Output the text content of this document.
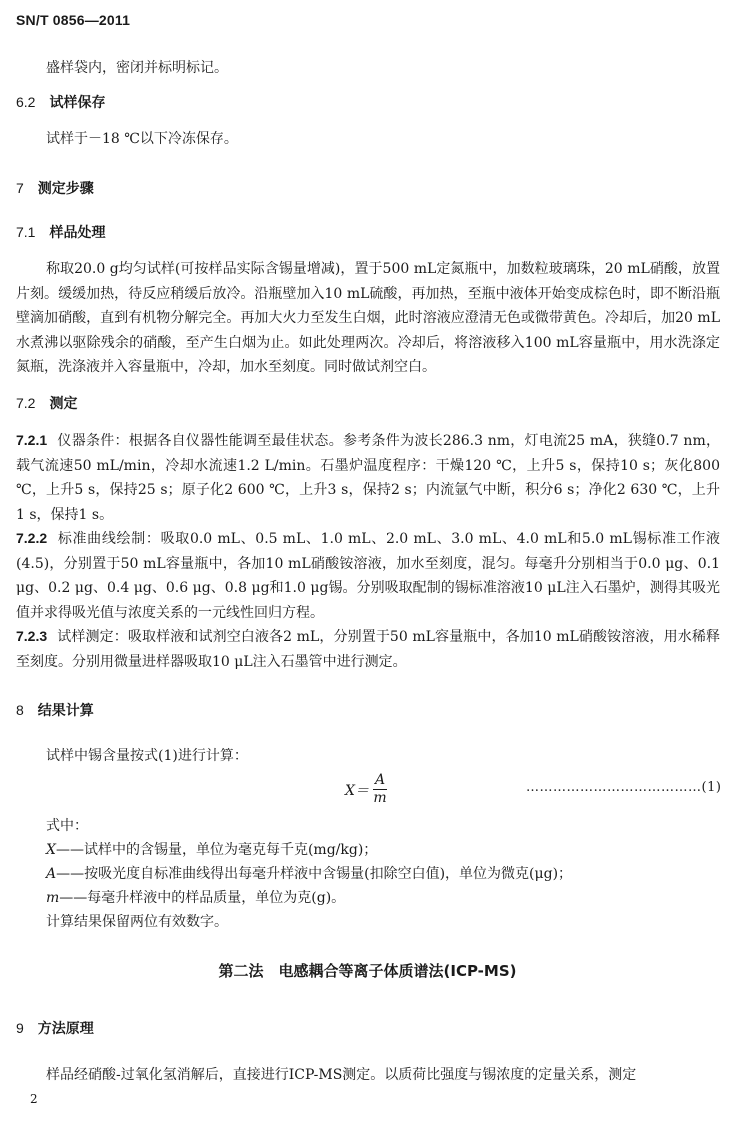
SN/T 0856—2011

盛样袋内，密闭并标明标记。

6.2 试样保存

试样于－18 ℃以下冷冻保存。

7 测定步骤
7.1 样品处理

称取20.0 g均匀试样(可按样品实际含锡量增减)，置于500 mL定氮瓶中，加数粒玻璃珠，20 mL硝酸，放置片刻。缓缓加热，待反应稍缓后放冷。沿瓶壁加入10 mL硫酸，再加热，至瓶中液体开始变成棕色时，即不断沿瓶壁滴加硝酸，直到有机物分解完全。再加大火力至发生白烟，此时溶液应澄清无色或微带黄色。冷却后，加20 mL水煮沸以驱除残余的硝酸，至产生白烟为止。如此处理两次。冷却后，将溶液移入100 mL容量瓶中，用水洗涤定氮瓶，洗涤液并入容量瓶中，冷却，加水至刻度。同时做试剂空白。

7.2 测定

7.2.1 仪器条件：根据各自仪器性能调至最佳状态。参考条件为波长286.3 nm，灯电流25 mA，狭缝0.7 nm，载气流速50 mL/min，冷却水流速1.2 L/min。石墨炉温度程序：干燥120 ℃，上升5 s，保持10 s；灰化800 ℃，上升5 s，保持25 s；原子化2 600 ℃，上升3 s，保持2 s；内流氩气中断，积分6 s；净化2 630 ℃，上升1 s，保持1 s。

7.2.2 标准曲线绘制：吸取0.0 mL、0.5 mL、1.0 mL、2.0 mL、3.0 mL、4.0 mL和5.0 mL锡标准工作液(4.5)，分别置于50 mL容量瓶中，各加10 mL硝酸铵溶液，加水至刻度，混匀。每毫升分别相当于0.0 μg、0.1 μg、0.2 μg、0.4 μg、0.6 μg、0.8 μg和1.0 μg锡。分别吸取配制的锡标准溶液10 μL注入石墨炉，测得其吸光值并求得吸光值与浓度关系的一元线性回归方程。

7.2.3 试样测定：吸取样液和试剂空白液各2 mL，分别置于50 mL容量瓶中，各加10 mL硝酸铵溶液，用水稀释至刻度。分别用微量进样器吸取10 μL注入石墨管中进行测定。

8 结果计算

试样中锡含量按式(1)进行计算：

$X= \frac{A}{m}$	…………………………………(1)

式中：

X——试样中的含锡量，单位为毫克每千克(mg/kg)；

A——按吸光度自标准曲线得出每毫升样液中含锡量(扣除空白值)，单位为微克(μg)；

m——每毫升样液中的样品质量，单位为克(g)。

计算结果保留两位有效数字。

第二法　电感耦合等离子体质谱法(ICP-MS)
9 方法原理

样品经硝酸-过氧化氢消解后，直接进行ICP-MS测定。以质荷比强度与锡浓度的定量关系，测定

2
